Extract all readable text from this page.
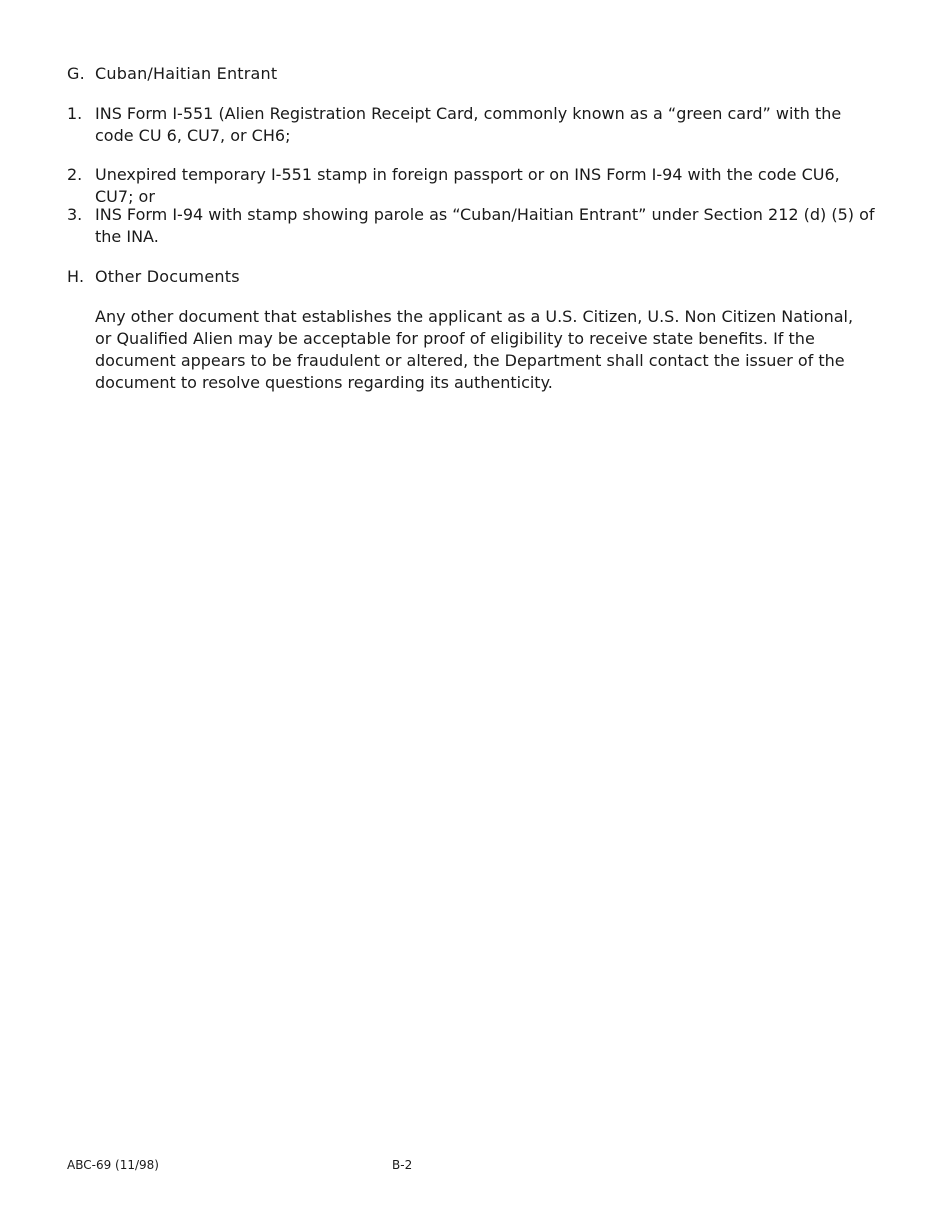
G. Cuban/Haitian Entrant
1. INS Form I-551 (Alien Registration Receipt Card, commonly known as a “green card” with the code CU 6, CU7, or CH6;
2. Unexpired temporary I-551 stamp in foreign passport or on INS Form I-94 with the code CU6, CU7; or
3. INS Form I-94 with stamp showing parole as “Cuban/Haitian Entrant” under Section 212 (d) (5) of the INA.
H. Other Documents
Any other document that establishes the applicant as a U.S. Citizen, U.S. Non Citizen National, or Qualified Alien may be acceptable for proof of eligibility to receive state benefits. If the document appears to be fraudulent or altered, the Department shall contact the issuer of the document to resolve questions regarding its authenticity.
ABC-69 (11/98)	B-2
